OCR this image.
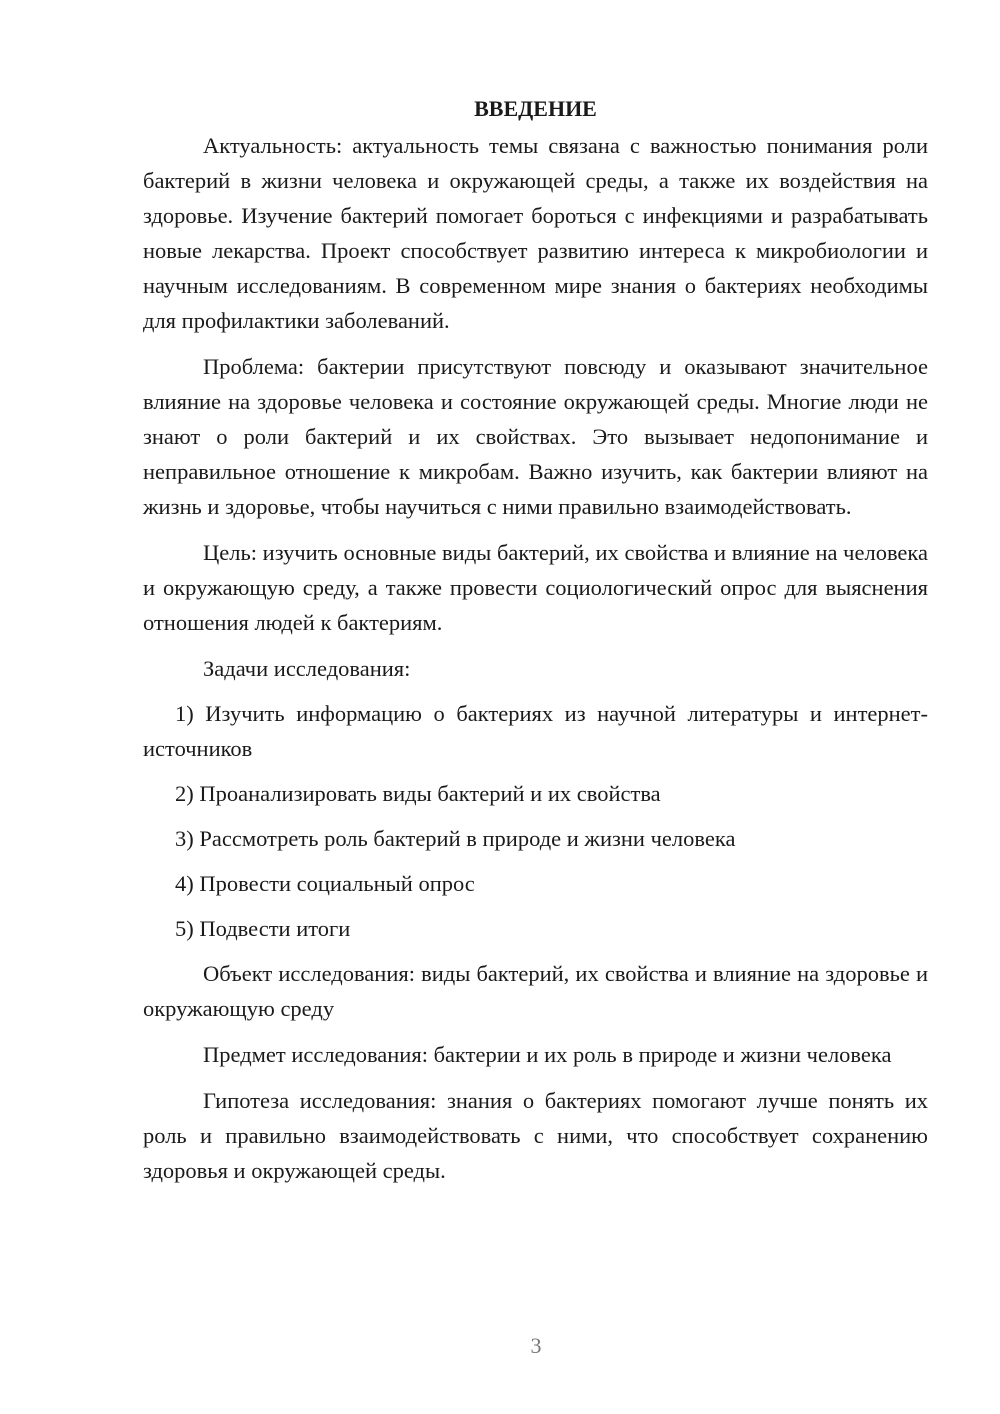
ВВЕДЕНИЕ

Актуальность: актуальность темы связана с важностью понимания роли бактерий в жизни человека и окружающей среды, а также их воздействия на здоровье. Изучение бактерий помогает бороться с инфекциями и разрабатывать новые лекарства. Проект способствует развитию интереса к микробиологии и научным исследованиям. В современном мире знания о бактериях необходимы для профилактики заболеваний.

Проблема: бактерии присутствуют повсюду и оказывают значительное влияние на здоровье человека и состояние окружающей среды. Многие люди не знают о роли бактерий и их свойствах. Это вызывает недопонимание и неправильное отношение к микробам. Важно изучить, как бактерии влияют на жизнь и здоровье, чтобы научиться с ними правильно взаимодействовать.

Цель: изучить основные виды бактерий, их свойства и влияние на человека и окружающую среду, а также провести социологический опрос для выяснения отношения людей к бактериям.

Задачи исследования:

1) Изучить информацию о бактериях из научной литературы и интернет-источников
2) Проанализировать виды бактерий и их свойства
3) Рассмотреть роль бактерий в природе и жизни человека
4) Провести социальный опрос
5) Подвести итоги

Объект исследования: виды бактерий, их свойства и влияние на здоровье и окружающую среду

Предмет исследования: бактерии и их роль в природе и жизни человека

Гипотеза исследования: знания о бактериях помогают лучше понять их роль и правильно взаимодействовать с ними, что способствует сохранению здоровья и окружающей среды.

3
